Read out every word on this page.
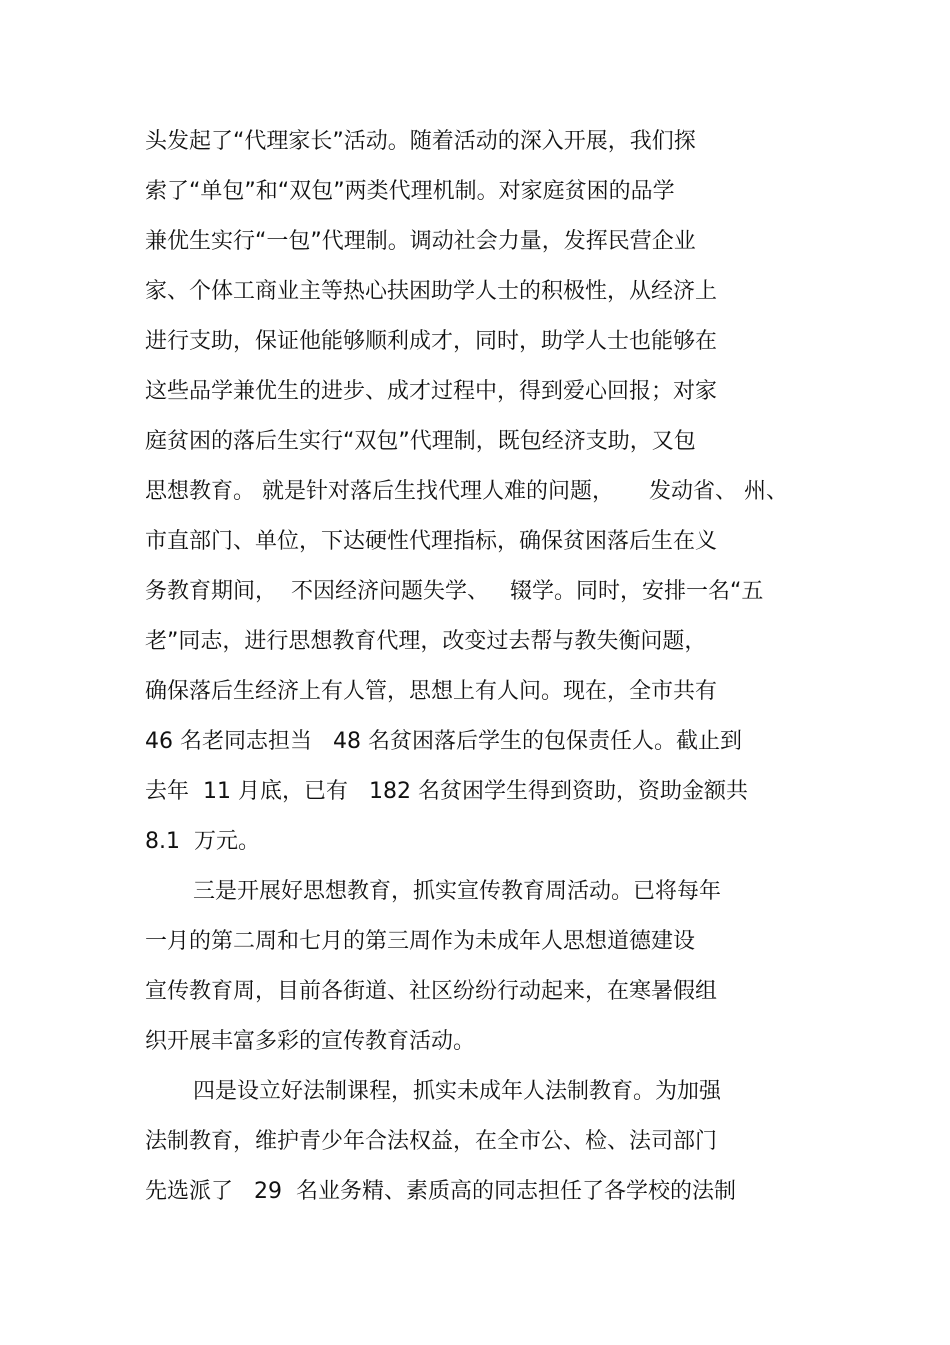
头发起了“代理家长”活动。随着活动的深入开展，我们探
索了“单包”和“双包”两类代理机制。对家庭贫困的品学
兼优生实行“一包”代理制。调动社会力量，发挥民营企业
家、个体工商业主等热心扶困助学人士的积极性，从经济上
进行支助，保证他能够顺利成才，同时，助学人士也能够在
这些品学兼优生的进步、成才过程中，得到爱心回报；对家
庭贫困的落后生实行“双包”代理制，既包经济支助，又包
思想教育。 就是针对落后生找代理人难的问题，     发动省、 州、
市直部门、单位，下达硬性代理指标，确保贫困落后生在义
务教育期间，  不因经济问题失学、   辍学。同时，安排一名“五
老”同志，进行思想教育代理，改变过去帮与教失衡问题，
确保落后生经济上有人管，思想上有人问。现在，全市共有
46 名老同志担当   48 名贫困落后学生的包保责任人。截止到
去年  11 月底，已有   182 名贫困学生得到资助，资助金额共
8.1  万元。
三是开展好思想教育，抓实宣传教育周活动。已将每年
一月的第二周和七月的第三周作为未成年人思想道德建设
宣传教育周，目前各街道、社区纷纷行动起来，在寒暑假组
织开展丰富多彩的宣传教育活动。
四是设立好法制课程，抓实未成年人法制教育。为加强
法制教育，维护青少年合法权益，在全市公、检、法司部门
先选派了   29  名业务精、素质高的同志担任了各学校的法制
